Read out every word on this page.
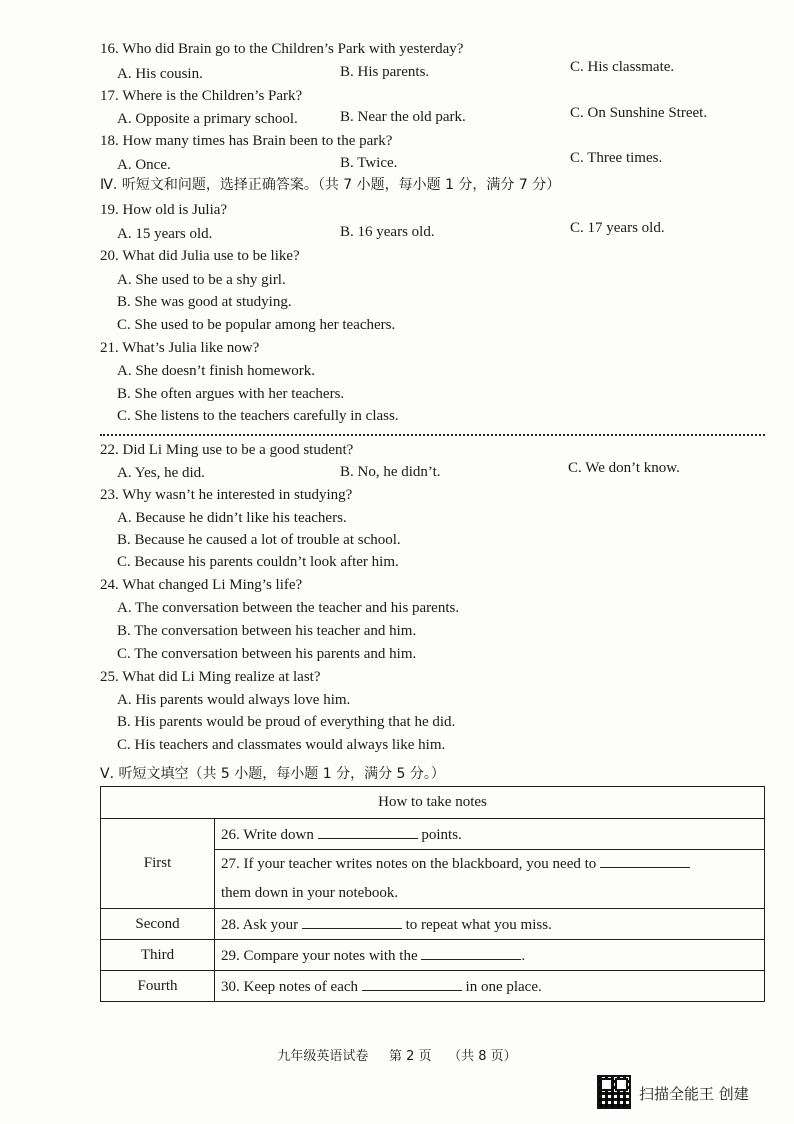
16. Who did Brain go to the Children’s Park with yesterday?
A. His cousin.	B. His parents.	C. His classmate.
17. Where is the Children’s Park?
A. Opposite a primary school.	B. Near the old park.	C. On Sunshine Street.
18. How many times has Brain been to the park?
A. Once.	B. Twice.	C. Three times.
Ⅳ. 听短文和问题，选择正确答案。（共 7 小题，每小题 1 分，满分 7 分）
19. How old is Julia?
A. 15 years old.	B. 16 years old.	C. 17 years old.
20. What did Julia use to be like?
A. She used to be a shy girl.
B. She was good at studying.
C. She used to be popular among her teachers.
21. What’s Julia like now?
A. She doesn’t finish homework.
B. She often argues with her teachers.
C. She listens to the teachers carefully in class.
22. Did Li Ming use to be a good student?
A. Yes, he did.	B. No, he didn’t.	C. We don’t know.
23. Why wasn’t he interested in studying?
A. Because he didn’t like his teachers.
B. Because he caused a lot of trouble at school.
C. Because his parents couldn’t look after him.
24. What changed Li Ming’s life?
A. The conversation between the teacher and his parents.
B. The conversation between his teacher and him.
C. The conversation between his parents and him.
25. What did Li Ming realize at last?
A. His parents would always love him.
B. His parents would be proud of everything that he did.
C. His teachers and classmates would always like him.
Ⅴ. 听短文填空（共 5 小题，每小题 1 分，满分 5 分。）
How to take notes	
First	26. Write down points.
	27. If your teacher writes notes on the blackboard, you need to
them down in your notebook.
Second	28. Ask your to repeat what you miss.
Third	29. Compare your notes with the .
Fourth	30. Keep notes of each in one place.
九年级英语试卷 第 2 页 （共 8 页）
扫描全能王 创建
